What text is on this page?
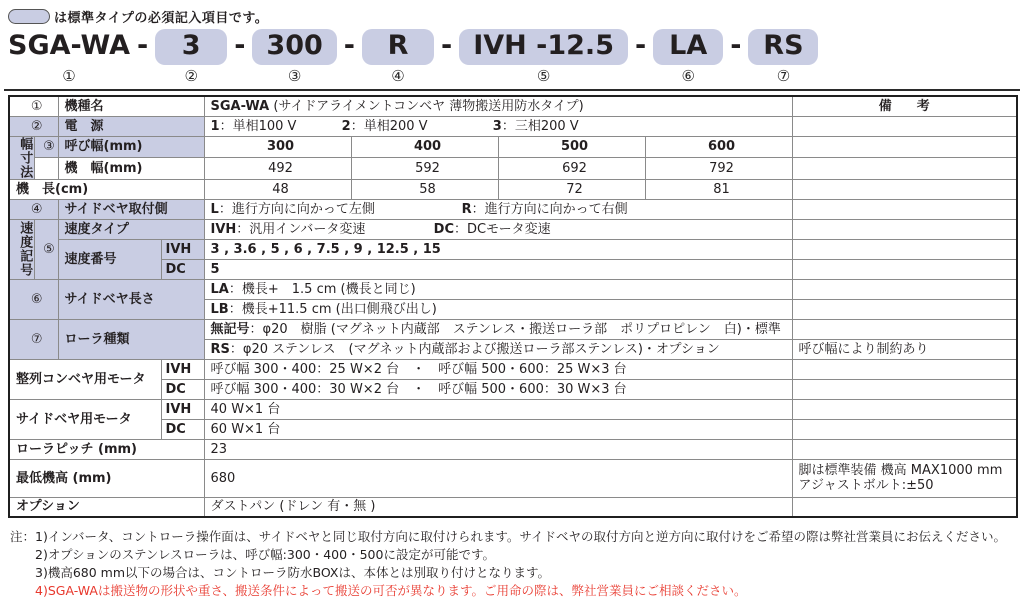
は標準タイプの必須記入項目です。
SGA-WA
①
-	3
②
- 300
③
-	R
④
- IVH -12.5
⑤
- LA
⑥
- RS
⑦
①		機種名		SGA-WA (サイドアライメントコンベヤ 薄物搬送用防水タイプ)				備　考
②		電　源		1：単相100 V 2：単相200 V 3：三相200 V				
幅寸法	③	呼び幅(mm)		300	400	500	600	
		機　幅(mm)		492	592	692	792	
機　長(cm)				48	58	72	81	
④		サイドベヤ取付側		L：進行方向に向かって左側 R：進行方向に向かって右側				
速度記号	⑤	速度タイプ		IVH：汎用インバータ変速 DC：DCモータ変速				
		速度番号	IVH	3 , 3.6 , 5 , 6 , 7.5 , 9 , 12.5 , 15				
			DC	5				
⑥		サイドベヤ長さ		LA：機長+　1.5 cm (機長と同じ)				
				LB：機長+11.5 cm (出口側飛び出し)				
⑦		ローラ種類		無記号：φ20　樹脂 (マグネット内蔵部　ステンレス・搬送ローラ部　ポリプロピレン　白)・標準				
				RS：φ20 ステンレス　(マグネット内蔵部および搬送ローラ部ステンレス)・オプション				呼び幅により制約あり
整列コンベヤ用モータ			IVH	呼び幅 300・400：25 W×2 台　・　呼び幅 500・600：25 W×3 台				
			DC	呼び幅 300・400：30 W×2 台　・　呼び幅 500・600：30 W×3 台				
サイドベヤ用モータ			IVH	40 W×1 台				
			DC	60 W×1 台				
ローラピッチ (mm)				23				
最低機高 (mm)				680				脚は標準装備 機高 MAX1000 mm
アジャストボルト:±50

オプション				ダストパン (ドレン 有・無 )				
注： 1)インバータ、コントローラ操作面は、サイドベヤと同じ取付方向に取付けられます。サイドベヤの取付方向と逆方向に取付けをご希望の際は弊社営業員にお伝えください。
2)オプションのステンレスローラは、呼び幅:300・400・500に設定が可能です。
3)機高680 mm以下の場合は、コントローラ防水BOXは、本体とは別取り付けとなります。
4)SGA-WAは搬送物の形状や重さ、搬送条件によって搬送の可否が異なります。ご用命の際は、弊社営業員にご相談ください。
